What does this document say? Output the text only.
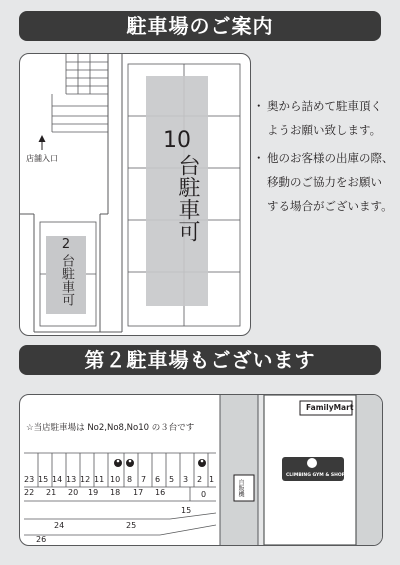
駐車場のご案内
店舗入口
10
台駐車可
2
台駐車可
・ 奥から詰めて駐車頂く
ようお願い致します。
・ 他のお客様の出庫の際、
移動のご協力をお願い
する場合がございます。
第２駐車場もございます
☆当店駐車場は No2,No8,No10 の３台です
FamilyMart
CLIMBING GYM & SHOP GO
自販機
23 15 14 13 12 11 10 8 7 6 5 3 2 1
22 21 20 19 18 17 16	0
15
24	25
26
